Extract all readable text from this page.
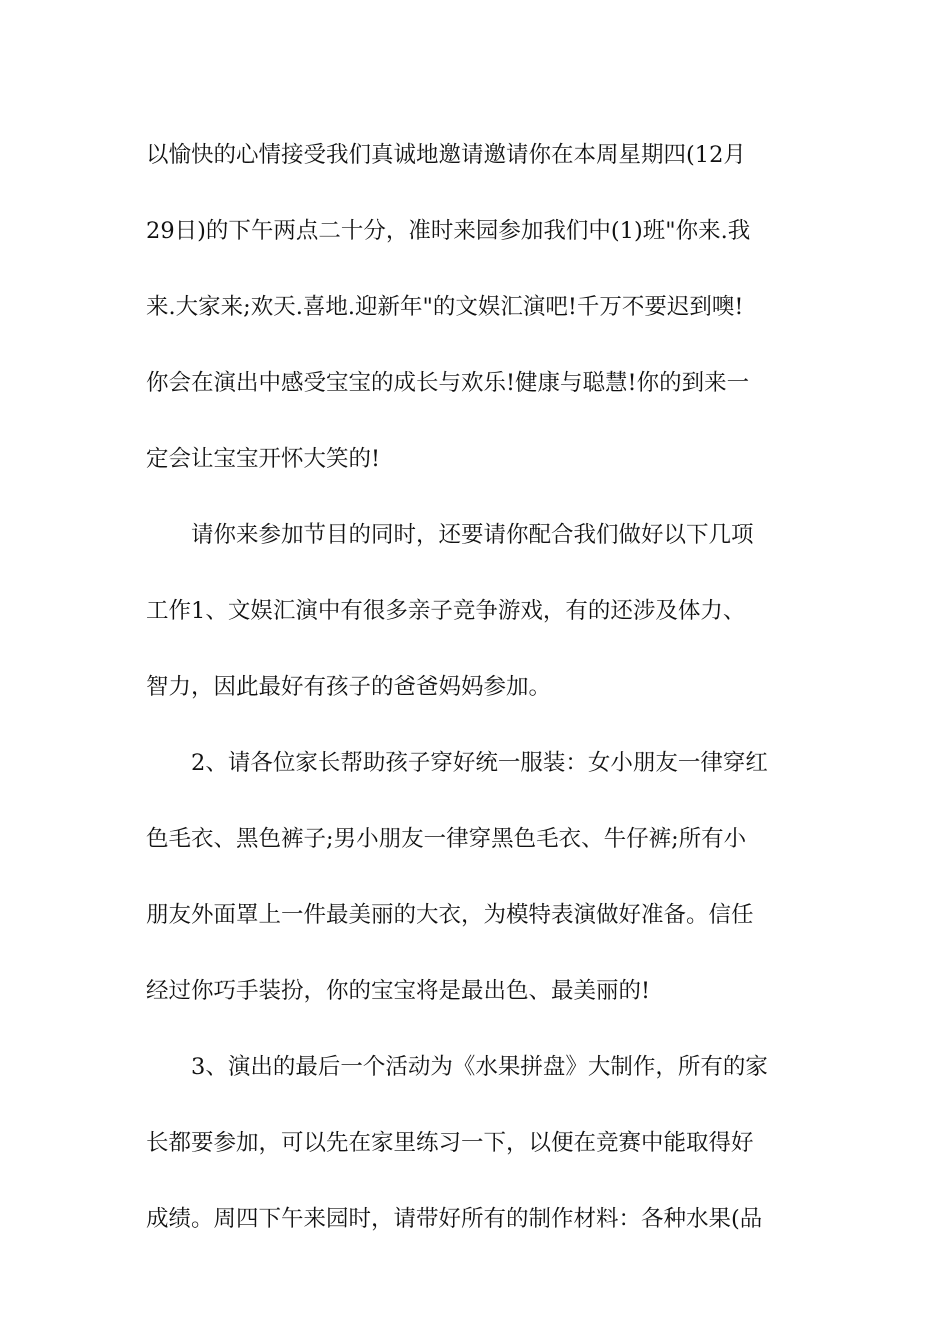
以愉快的心情接受我们真诚地邀请邀请你在本周星期四(12月
29日)的下午两点二十分，准时来园参加我们中(1)班"你来.我
来.大家来;欢天.喜地.迎新年"的文娱汇演吧!千万不要迟到噢!
你会在演出中感受宝宝的成长与欢乐!健康与聪慧!你的到来一
定会让宝宝开怀大笑的!
请你来参加节目的同时，还要请你配合我们做好以下几项
工作1、文娱汇演中有很多亲子竞争游戏，有的还涉及体力、
智力，因此最好有孩子的爸爸妈妈参加。
2、请各位家长帮助孩子穿好统一服装：女小朋友一律穿红
色毛衣、黑色裤子;男小朋友一律穿黑色毛衣、牛仔裤;所有小
朋友外面罩上一件最美丽的大衣，为模特表演做好准备。信任
经过你巧手装扮，你的宝宝将是最出色、最美丽的!
3、演出的最后一个活动为《水果拼盘》大制作，所有的家
长都要参加，可以先在家里练习一下，以便在竞赛中能取得好
成绩。周四下午来园时，请带好所有的制作材料：各种水果(品
